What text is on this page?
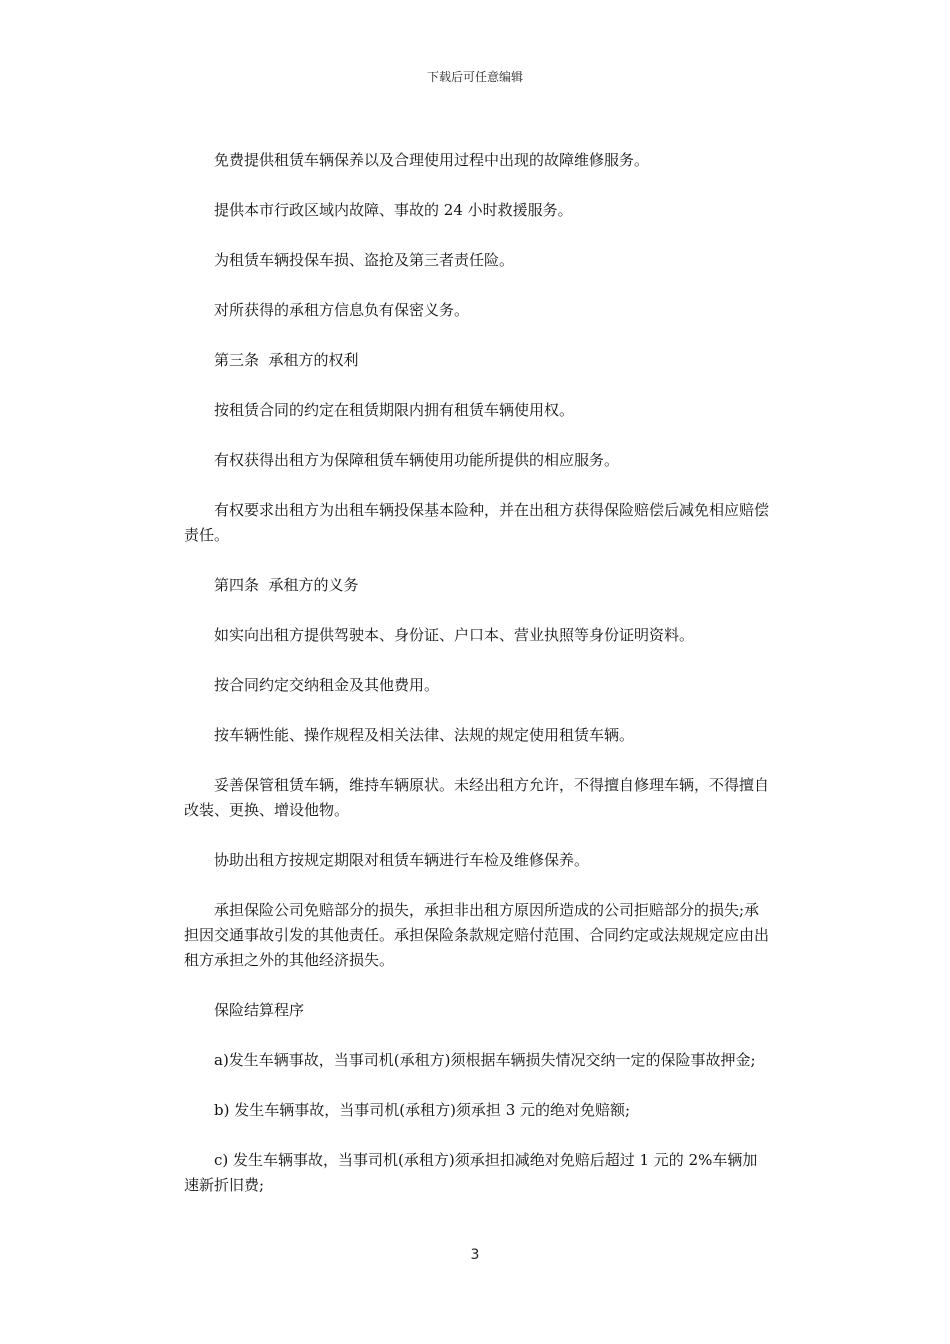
下载后可任意编辑

免费提供租赁车辆保养以及合理使用过程中出现的故障维修服务。

提供本市行政区域内故障、事故的 24 小时救援服务。

为租赁车辆投保车损、盗抢及第三者责任险。

对所获得的承租方信息负有保密义务。

第三条  承租方的权利

按租赁合同的约定在租赁期限内拥有租赁车辆使用权。

有权获得出租方为保障租赁车辆使用功能所提供的相应服务。

有权要求出租方为出租车辆投保基本险种，并在出租方获得保险赔偿后减免相应赔偿责任。

第四条  承租方的义务

如实向出租方提供驾驶本、身份证、户口本、营业执照等身份证明资料。

按合同约定交纳租金及其他费用。

按车辆性能、操作规程及相关法律、法规的规定使用租赁车辆。

妥善保管租赁车辆，维持车辆原状。未经出租方允许，不得擅自修理车辆，不得擅自改装、更换、增设他物。

协助出租方按规定期限对租赁车辆进行车检及维修保养。

承担保险公司免赔部分的损失，承担非出租方原因所造成的公司拒赔部分的损失;承担因交通事故引发的其他责任。承担保险条款规定赔付范围、合同约定或法规规定应由出租方承担之外的其他经济损失。

保险结算程序

a)发生车辆事故，当事司机(承租方)须根据车辆损失情况交纳一定的保险事故押金;

b) 发生车辆事故，当事司机(承租方)须承担 3 元的绝对免赔额;

c) 发生车辆事故，当事司机(承租方)须承担扣减绝对免赔后超过 1 元的 2%车辆加速新折旧费;

3
